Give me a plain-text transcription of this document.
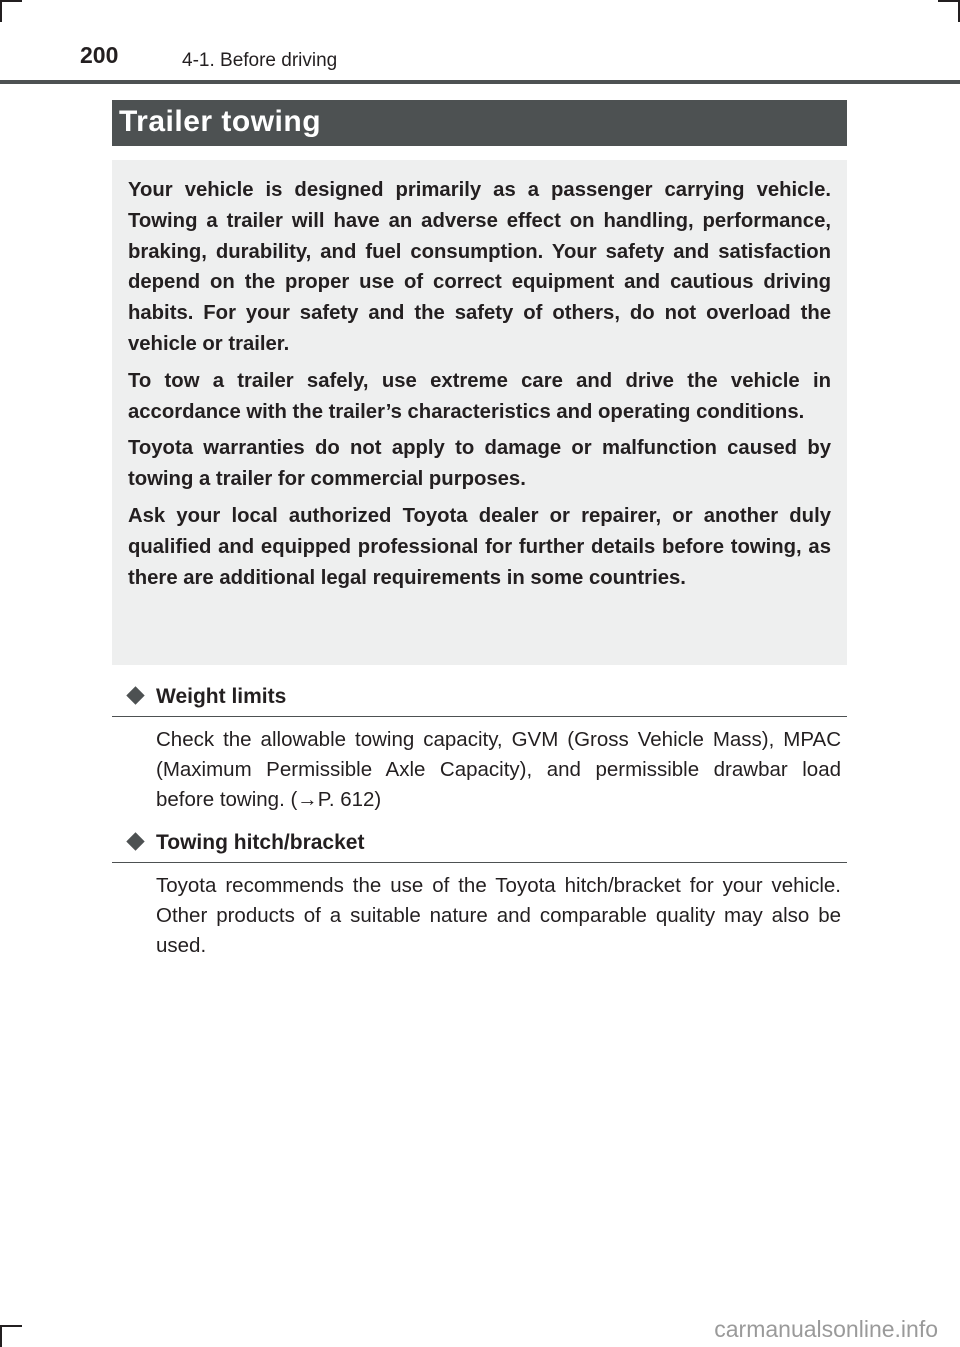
200	4-1. Before driving
Trailer towing

Your vehicle is designed primarily as a passenger carrying vehicle. Towing a trailer will have an adverse effect on handling, performance, braking, durability, and fuel consumption. Your safety and satisfaction depend on the proper use of correct equipment and cautious driving habits. For your safety and the safety of others, do not overload the vehicle or trailer.

To tow a trailer safely, use extreme care and drive the vehicle in accordance with the trailer’s characteristics and operating conditions.

Toyota warranties do not apply to damage or malfunction caused by towing a trailer for commercial purposes.

Ask your local authorized Toyota dealer or repairer, or another duly qualified and equipped professional for further details before towing, as there are additional legal requirements in some countries.

Weight limits

Check the allowable towing capacity, GVM (Gross Vehicle Mass), MPAC (Maximum Permissible Axle Capacity), and permissible drawbar load before towing. (→P. 612)

Towing hitch/bracket

Toyota recommends the use of the Toyota hitch/bracket for your vehicle. Other products of a suitable nature and comparable quality may also be used.

carmanualsonline.info
